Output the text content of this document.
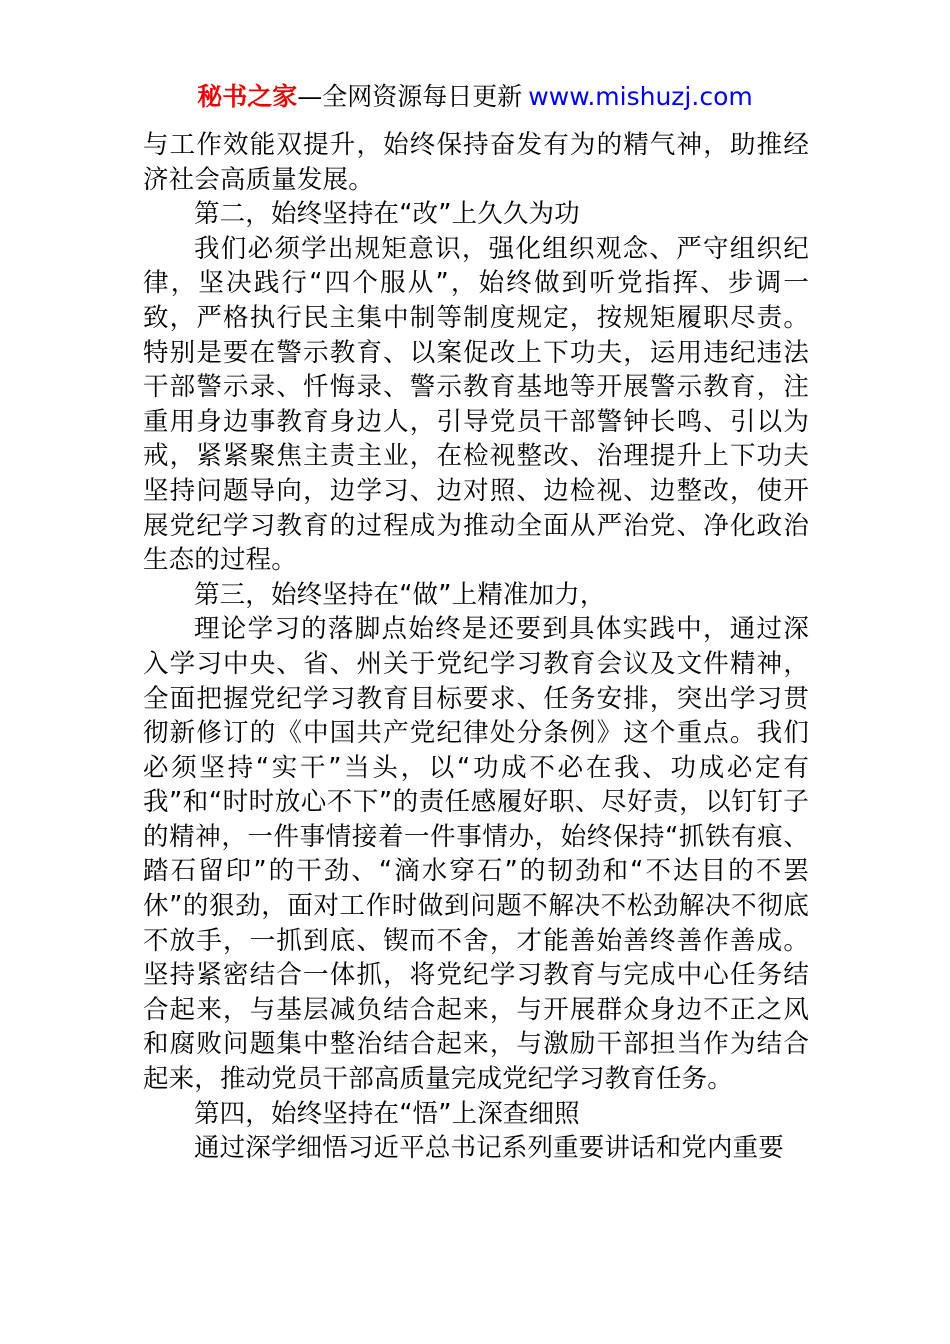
秘书之家—全网资源每日更新 www.mishuzj.com

与工作效能双提升，始终保持奋发有为的精气神，助推经济社会高质量发展。

第二，始终坚持在“改”上久久为功

我们必须学出规矩意识，强化组织观念、严守组织纪律，坚决践行“四个服从”，始终做到听党指挥、步调一致，严格执行民主集中制等制度规定，按规矩履职尽责。特别是要在警示教育、以案促改上下功夫，运用违纪违法干部警示录、忏悔录、警示教育基地等开展警示教育，注重用身边事教育身边人，引导党员干部警钟长鸣、引以为戒，紧紧聚焦主责主业，在检视整改、治理提升上下功夫坚持问题导向，边学习、边对照、边检视、边整改，使开展党纪学习教育的过程成为推动全面从严治党、净化政治生态的过程。

第三，始终坚持在“做”上精准加力，

理论学习的落脚点始终是还要到具体实践中，通过深入学习中央、省、州关于党纪学习教育会议及文件精神，全面把握党纪学习教育目标要求、任务安排，突出学习贯彻新修订的《中国共产党纪律处分条例》这个重点。我们必须坚持“实干”当头，以“功成不必在我、功成必定有我”和“时时放心不下”的责任感履好职、尽好责，以钉钉子的精神，一件事情接着一件事情办，始终保持“抓铁有痕、踏石留印”的干劲、“滴水穿石”的韧劲和“不达目的不罢休”的狠劲，面对工作时做到问题不解决不松劲解决不彻底不放手，一抓到底、锲而不舍，才能善始善终善作善成。坚持紧密结合一体抓，将党纪学习教育与完成中心任务结合起来，与基层减负结合起来，与开展群众身边不正之风和腐败问题集中整治结合起来，与激励干部担当作为结合起来，推动党员干部高质量完成党纪学习教育任务。

第四，始终坚持在“悟”上深查细照

通过深学细悟习近平总书记系列重要讲话和党内重要
